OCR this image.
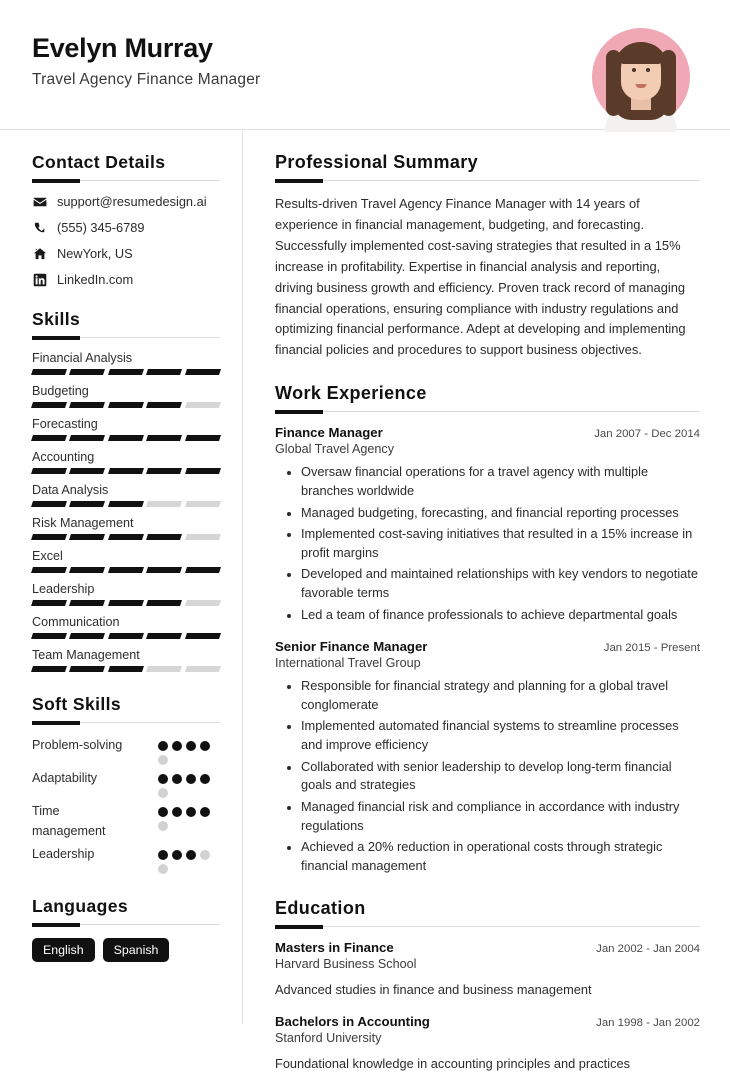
Evelyn Murray
Travel Agency Finance Manager
Contact Details
support@resumedesign.ai
(555) 345-6789
NewYork, US
LinkedIn.com
Skills
Financial Analysis
Budgeting
Forecasting
Accounting
Data Analysis
Risk Management
Excel
Leadership
Communication
Team Management
Soft Skills
Problem-solving
Adaptability
Time management
Leadership
Languages
English	Spanish
Professional Summary
Results-driven Travel Agency Finance Manager with 14 years of experience in financial management, budgeting, and forecasting. Successfully implemented cost-saving strategies that resulted in a 15% increase in profitability. Expertise in financial analysis and reporting, driving business growth and efficiency. Proven track record of managing financial operations, ensuring compliance with industry regulations and optimizing financial performance. Adept at developing and implementing financial policies and procedures to support business objectives.
Work Experience
Finance Manager	Jan 2007 - Dec 2014
Global Travel Agency
• Oversaw financial operations for a travel agency with multiple branches worldwide
• Managed budgeting, forecasting, and financial reporting processes
• Implemented cost-saving initiatives that resulted in a 15% increase in profit margins
• Developed and maintained relationships with key vendors to negotiate favorable terms
• Led a team of finance professionals to achieve departmental goals
Senior Finance Manager	Jan 2015 - Present
International Travel Group
• Responsible for financial strategy and planning for a global travel conglomerate
• Implemented automated financial systems to streamline processes and improve efficiency
• Collaborated with senior leadership to develop long-term financial goals and strategies
• Managed financial risk and compliance in accordance with industry regulations
• Achieved a 20% reduction in operational costs through strategic financial management
Education
Masters in Finance	Jan 2002 - Jan 2004
Harvard Business School
Advanced studies in finance and business management
Bachelors in Accounting	Jan 1998 - Jan 2002
Stanford University
Foundational knowledge in accounting principles and practices
